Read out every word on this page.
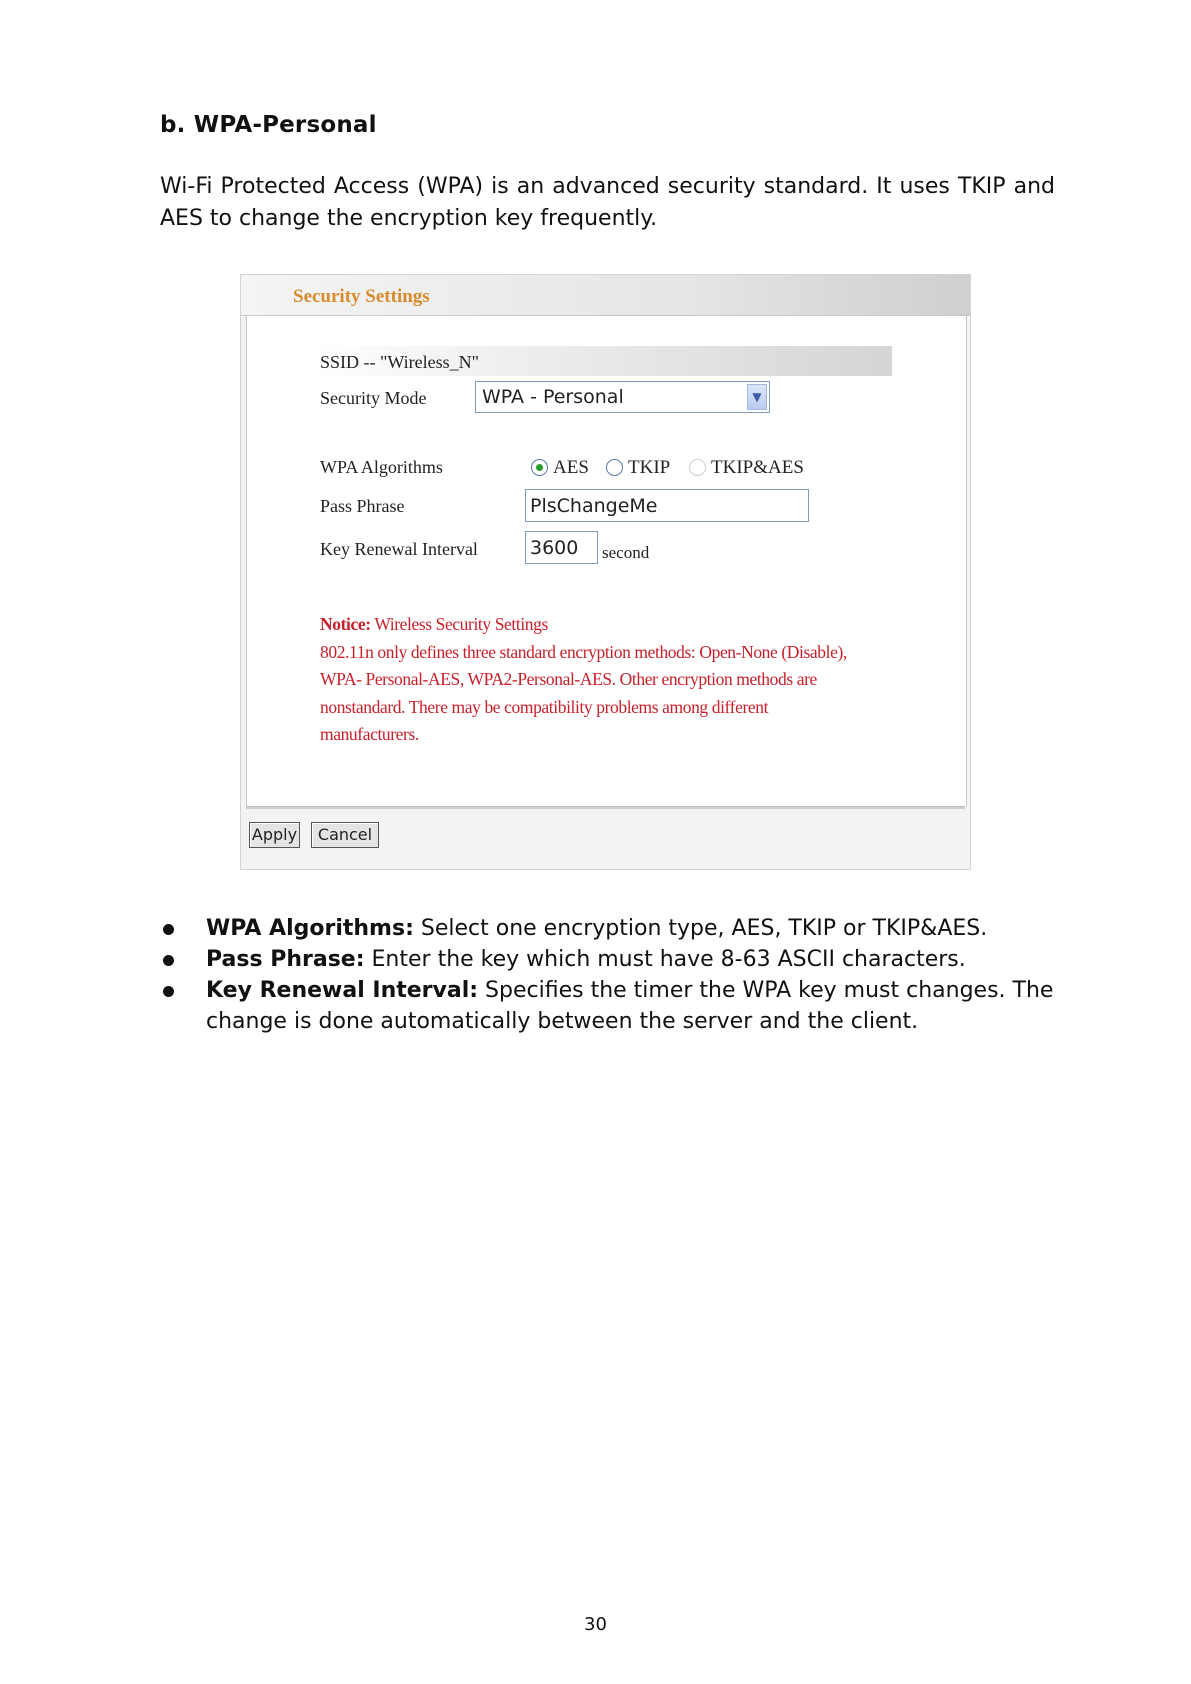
b. WPA-Personal

Wi-Fi Protected Access (WPA) is an advanced security standard. It uses TKIP and AES to change the encryption key frequently.

Security Settings
Apply	Cancel
SSID -- "Wireless_N"
Security Mode	WPA - Personal	▼
WPA Algorithms	AES TKIP TKIP&AES
Pass Phrase	PlsChangeMe
Key Renewal Interval	3600 second
Notice: Wireless Security Settings
802.11n only defines three standard encryption methods: Open-None (Disable),
WPA- Personal-AES, WPA2-Personal-AES. Other encryption methods are
nonstandard. There may be compatibility problems among different
manufacturers.
WPA Algorithms: Select one encryption type, AES, TKIP or TKIP&AES.
Pass Phrase: Enter the key which must have 8-63 ASCII characters.
Key Renewal Interval: Specifies the timer the WPA key must changes. The change is done automatically between the server and the client.
30
